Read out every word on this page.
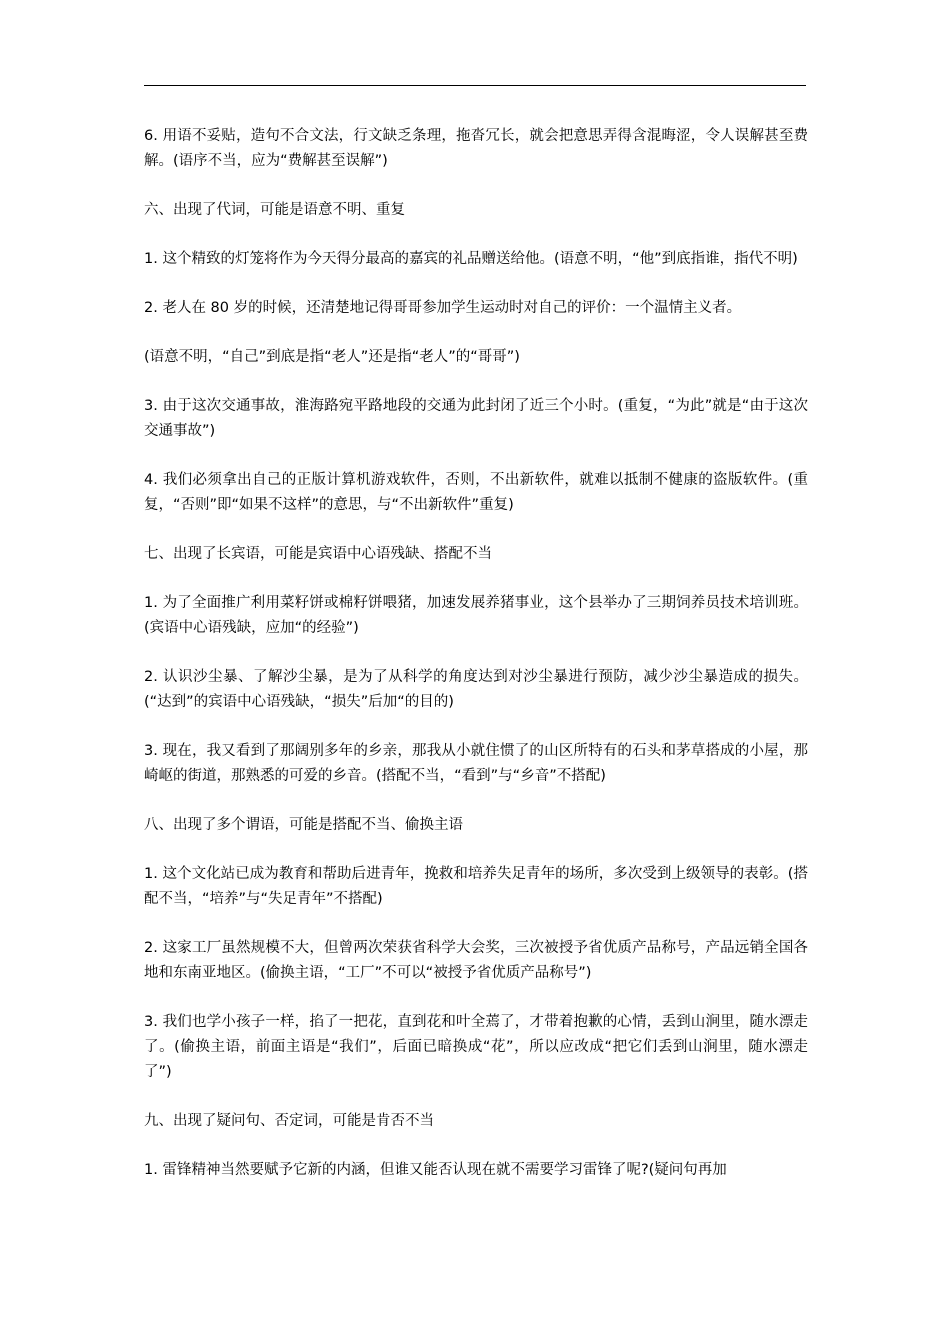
6. 用语不妥贴，造句不合文法，行文缺乏条理，拖沓冗长，就会把意思弄得含混晦涩，令人误解甚至费解。(语序不当，应为“费解甚至误解”)

六、出现了代词，可能是语意不明、重复

1. 这个精致的灯笼将作为今天得分最高的嘉宾的礼品赠送给他。(语意不明，“他”到底指谁，指代不明)

2. 老人在 80 岁的时候，还清楚地记得哥哥参加学生运动时对自己的评价：一个温情主义者。

(语意不明，“自己”到底是指“老人”还是指“老人”的“哥哥”)

3. 由于这次交通事故，淮海路宛平路地段的交通为此封闭了近三个小时。(重复，“为此”就是“由于这次交通事故”)

4. 我们必须拿出自己的正版计算机游戏软件，否则，不出新软件，就难以抵制不健康的盗版软件。(重复，“否则”即“如果不这样”的意思，与“不出新软件”重复)

七、出现了长宾语，可能是宾语中心语残缺、搭配不当

1. 为了全面推广利用菜籽饼或棉籽饼喂猪，加速发展养猪事业，这个县举办了三期饲养员技术培训班。(宾语中心语残缺，应加“的经验”)

2. 认识沙尘暴、了解沙尘暴，是为了从科学的角度达到对沙尘暴进行预防，减少沙尘暴造成的损失。(“达到”的宾语中心语残缺，“损失”后加“的目的)

3. 现在，我又看到了那阔别多年的乡亲，那我从小就住惯了的山区所特有的石头和茅草搭成的小屋，那崎岖的街道，那熟悉的可爱的乡音。(搭配不当，“看到”与“乡音”不搭配)

八、出现了多个谓语，可能是搭配不当、偷换主语

1. 这个文化站已成为教育和帮助后进青年，挽救和培养失足青年的场所，多次受到上级领导的表彰。(搭配不当，“培养”与“失足青年”不搭配)

2. 这家工厂虽然规模不大，但曾两次荣获省科学大会奖，三次被授予省优质产品称号，产品远销全国各地和东南亚地区。(偷换主语，“工厂”不可以“被授予省优质产品称号”)

3. 我们也学小孩子一样，掐了一把花，直到花和叶全蔫了，才带着抱歉的心情，丢到山涧里，随水漂走了。(偷换主语，前面主语是“我们”，后面已暗换成“花”，所以应改成“把它们丢到山涧里，随水漂走了”)

九、出现了疑问句、否定词，可能是肯否不当

1. 雷锋精神当然要赋予它新的内涵，但谁又能否认现在就不需要学习雷锋了呢?(疑问句再加
